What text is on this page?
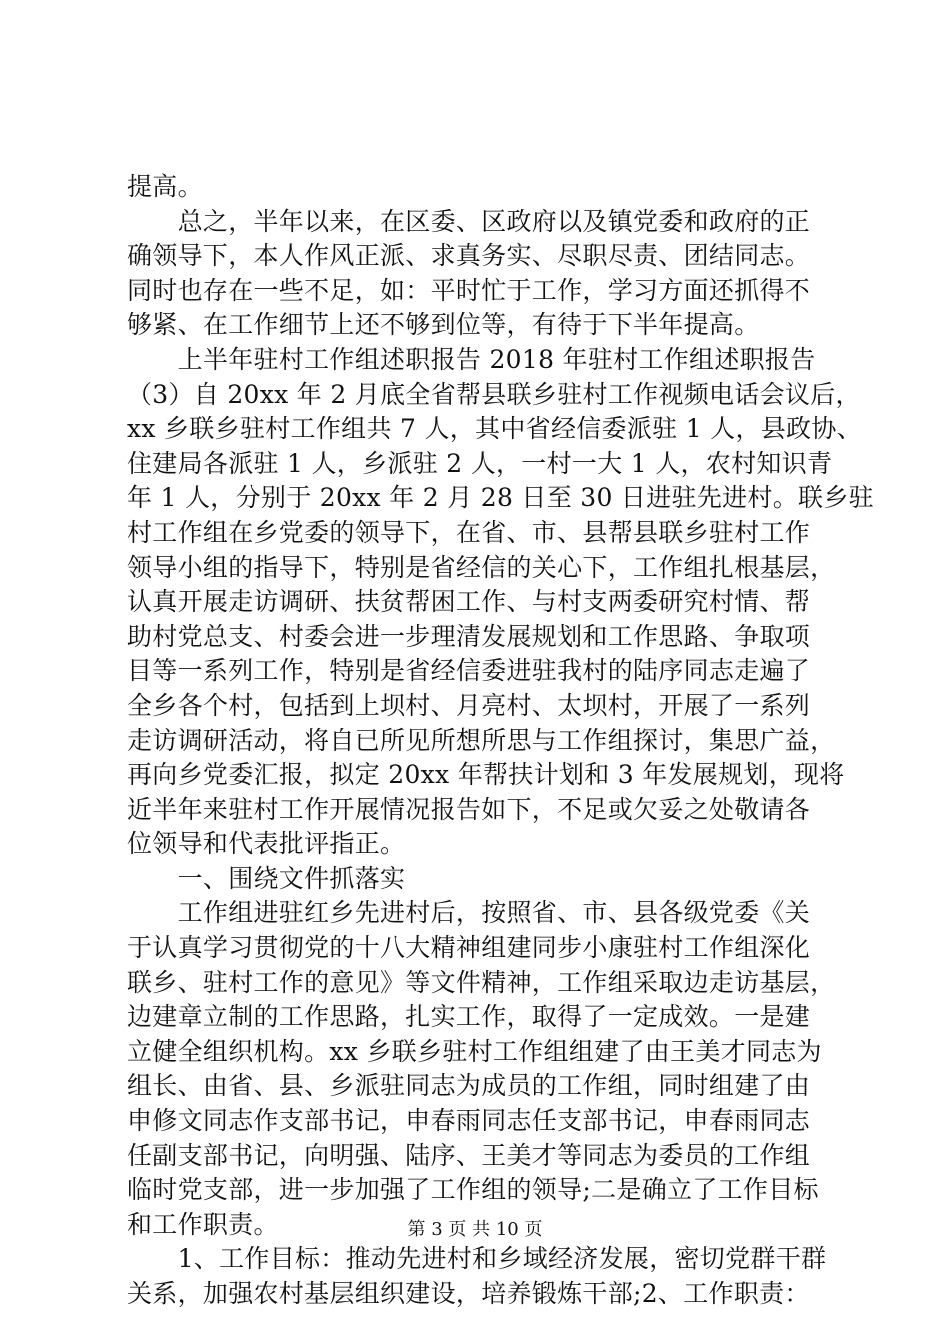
提高。
　　总之，半年以来，在区委、区政府以及镇党委和政府的正
确领导下，本人作风正派、求真务实、尽职尽责、团结同志。
同时也存在一些不足，如：平时忙于工作，学习方面还抓得不
够紧、在工作细节上还不够到位等，有待于下半年提高。
　　上半年驻村工作组述职报告 2018 年驻村工作组述职报告
（3）自 20xx 年 2 月底全省帮县联乡驻村工作视频电话会议后，
xx 乡联乡驻村工作组共 7 人，其中省经信委派驻 1 人，县政协、
住建局各派驻 1 人，乡派驻 2 人，一村一大 1 人，农村知识青
年 1 人，分别于 20xx 年 2 月 28 日至 30 日进驻先进村。联乡驻
村工作组在乡党委的领导下，在省、市、县帮县联乡驻村工作
领导小组的指导下，特别是省经信的关心下，工作组扎根基层，
认真开展走访调研、扶贫帮困工作、与村支两委研究村情、帮
助村党总支、村委会进一步理清发展规划和工作思路、争取项
目等一系列工作，特别是省经信委进驻我村的陆序同志走遍了
全乡各个村，包括到上坝村、月亮村、太坝村，开展了一系列
走访调研活动，将自已所见所想所思与工作组探讨，集思广益，
再向乡党委汇报，拟定 20xx 年帮扶计划和 3 年发展规划，现将
近半年来驻村工作开展情况报告如下，不足或欠妥之处敬请各
位领导和代表批评指正。
　　一、围绕文件抓落实
　　工作组进驻红乡先进村后，按照省、市、县各级党委《关
于认真学习贯彻党的十八大精神组建同步小康驻村工作组深化
联乡、驻村工作的意见》等文件精神，工作组采取边走访基层，
边建章立制的工作思路，扎实工作，取得了一定成效。一是建
立健全组织机构。xx 乡联乡驻村工作组组建了由王美才同志为
组长、由省、县、乡派驻同志为成员的工作组，同时组建了由
申修文同志作支部书记，申春雨同志任支部书记，申春雨同志
任副支部书记，向明强、陆序、王美才等同志为委员的工作组
临时党支部，进一步加强了工作组的领导;二是确立了工作目标
和工作职责。
　　1、工作目标：推动先进村和乡域经济发展，密切党群干群
关系，加强农村基层组织建设，培养锻炼干部;2、工作职责：
第 3 页 共 10 页
